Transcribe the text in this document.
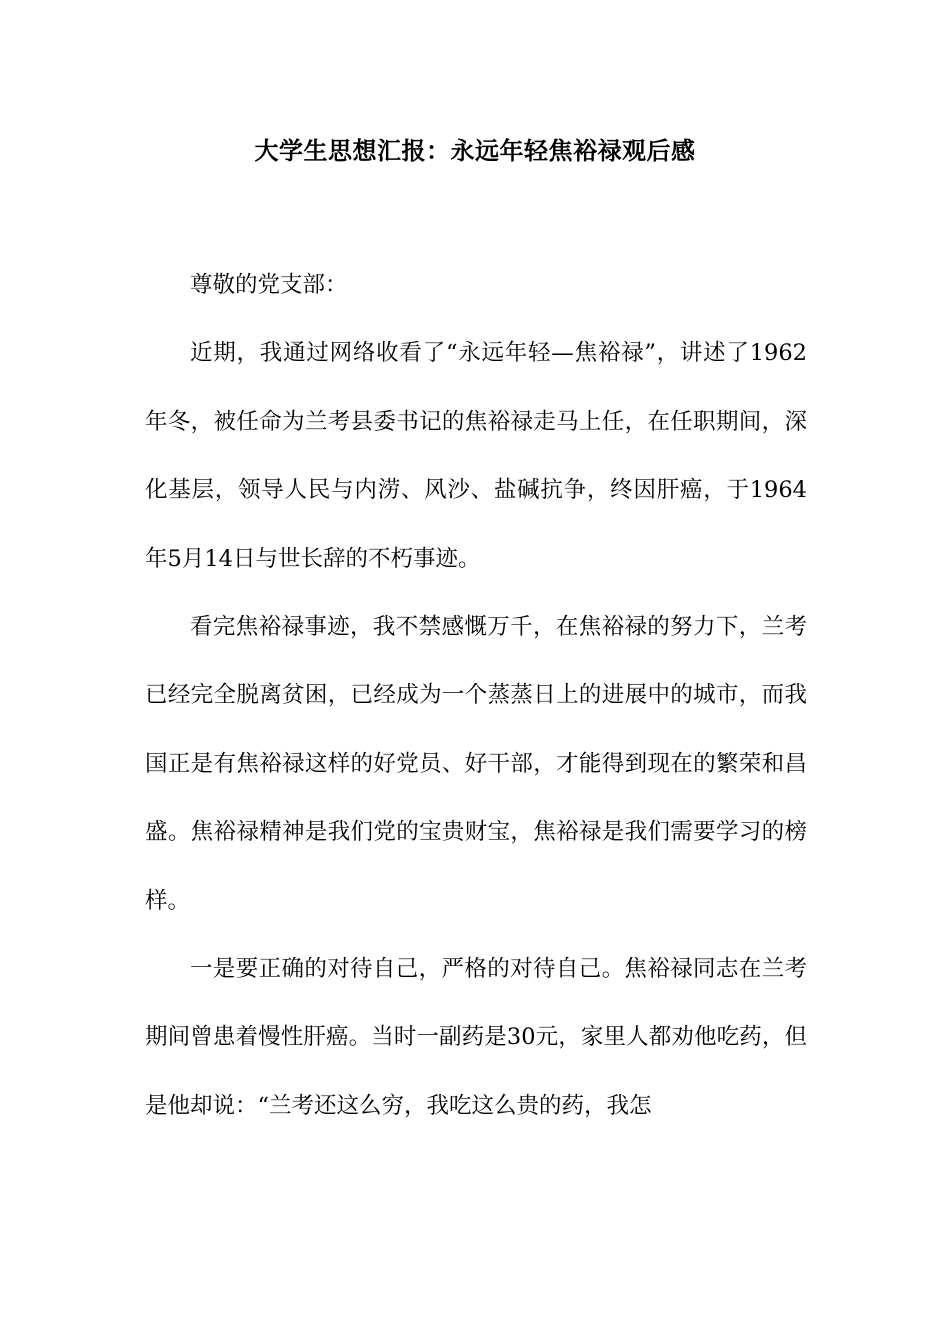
大学生思想汇报：永远年轻焦裕禄观后感

尊敬的党支部：

近期，我通过网络收看了“永远年轻—焦裕禄”，讲述了1962年冬，被任命为兰考县委书记的焦裕禄走马上任，在任职期间，深化基层，领导人民与内涝、风沙、盐碱抗争，终因肝癌，于1964年5月14日与世长辞的不朽事迹。

看完焦裕禄事迹，我不禁感慨万千，在焦裕禄的努力下，兰考已经完全脱离贫困，已经成为一个蒸蒸日上的进展中的城市，而我国正是有焦裕禄这样的好党员、好干部，才能得到现在的繁荣和昌盛。焦裕禄精神是我们党的宝贵财宝，焦裕禄是我们需要学习的榜样。

一是要正确的对待自己，严格的对待自己。焦裕禄同志在兰考期间曾患着慢性肝癌。当时一副药是30元，家里人都劝他吃药，但是他却说：“兰考还这么穷，我吃这么贵的药，我怎
